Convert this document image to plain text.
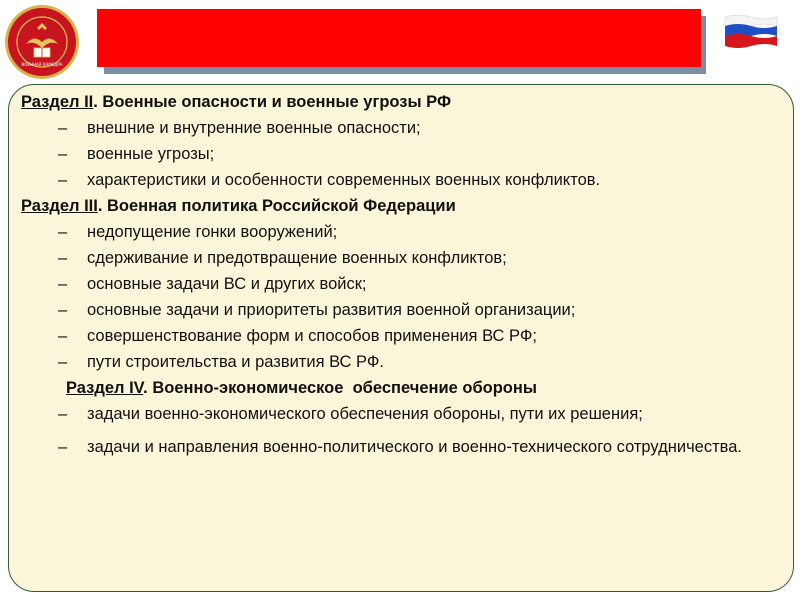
ВОЕННАЯ КАФЕДРА
Раздел II. Военные опасности и военные угрозы РФ
– внешние и внутренние военные опасности;
– военные угрозы;
– характеристики и особенности современных военных конфликтов.
Раздел III. Военная политика Российской Федерации
– недопущение гонки вооружений;
– сдерживание и предотвращение военных конфликтов;
– основные задачи ВС и других войск;
– основные задачи и приоритеты развития военной организации;
– совершенствование форм и способов применения ВС РФ;
– пути строительства и развития ВС РФ.
Раздел IV. Военно-экономическое  обеспечение обороны
– задачи военно-экономического обеспечения обороны, пути их решения;
– задачи и направления военно-политического и военно-технического сотрудничества.
